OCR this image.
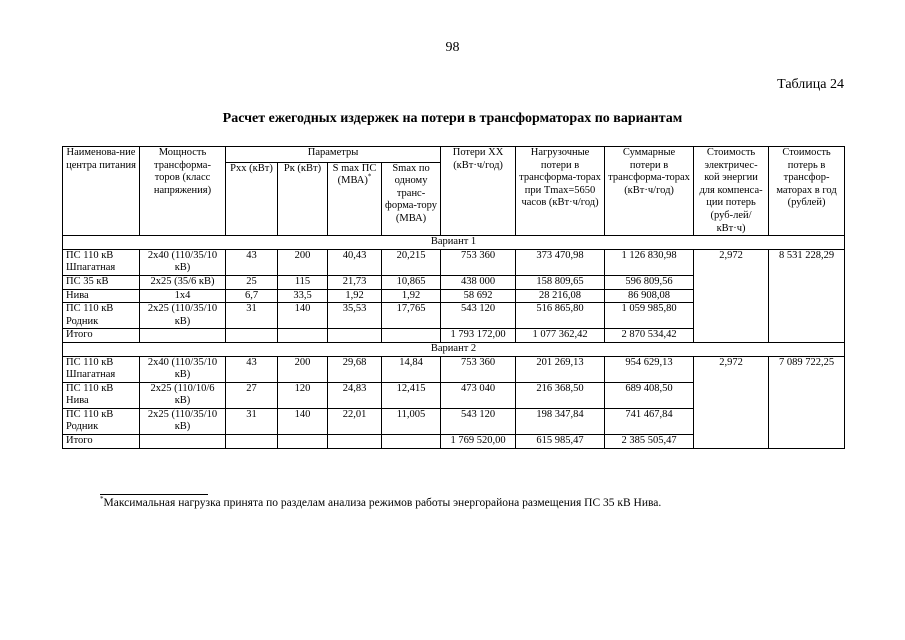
98
Таблица 24
Расчет ежегодных издержек на потери в трансформаторах по вариантам
Наименова-ние центра питания	Мощность трансформа-торов (класс напряжения)	Параметры				Потери ХХ (кВт·ч/год)	Нагрузочные потери в трансформа-торах при Tmax=5650 часов (кВт·ч/год)	Суммарные потери в трансформа-торах (кВт·ч/год)	Стоимость электричес-кой энергии для компенса-ции потерь (руб-лей/кВт·ч)	Стоимость потерь в трансфор-маторах в год (рублей)
		Pхх (кВт)	Pк (кВт)	S max ПС (МВА)*	Smax по одному транс-форма-тору (МВА)					
Вариант 1										
ПС 110 кВ Шпагатная	2х40 (110/35/10 кВ)	43	200	40,43	20,215	753 360	373 470,98	1 126 830,98	2,972	8 531 228,29
ПС 35 кВ	2х25 (35/6 кВ)	25	115	21,73	10,865	438 000	158 809,65	596 809,56		
Нива	1х4	6,7	33,5	1,92	1,92	58 692	28 216,08	86 908,08		
ПС 110 кВ Родник	2х25 (110/35/10 кВ)	31	140	35,53	17,765	543 120	516 865,80	1 059 985,80		
Итого						1 793 172,00	1 077 362,42	2 870 534,42		
Вариант 2										
ПС 110 кВ Шпагатная	2х40 (110/35/10 кВ)	43	200	29,68	14,84	753 360	201 269,13	954 629,13	2,972	7 089 722,25
ПС 110 кВ Нива	2х25 (110/10/6 кВ)	27	120	24,83	12,415	473 040	216 368,50	689 408,50		
ПС 110 кВ Родник	2х25 (110/35/10 кВ)	31	140	22,01	11,005	543 120	198 347,84	741 467,84		
Итого						1 769 520,00	615 985,47	2 385 505,47		
*Максимальная нагрузка принята по разделам анализа режимов работы энергорайона размещения ПС 35 кВ Нива.
